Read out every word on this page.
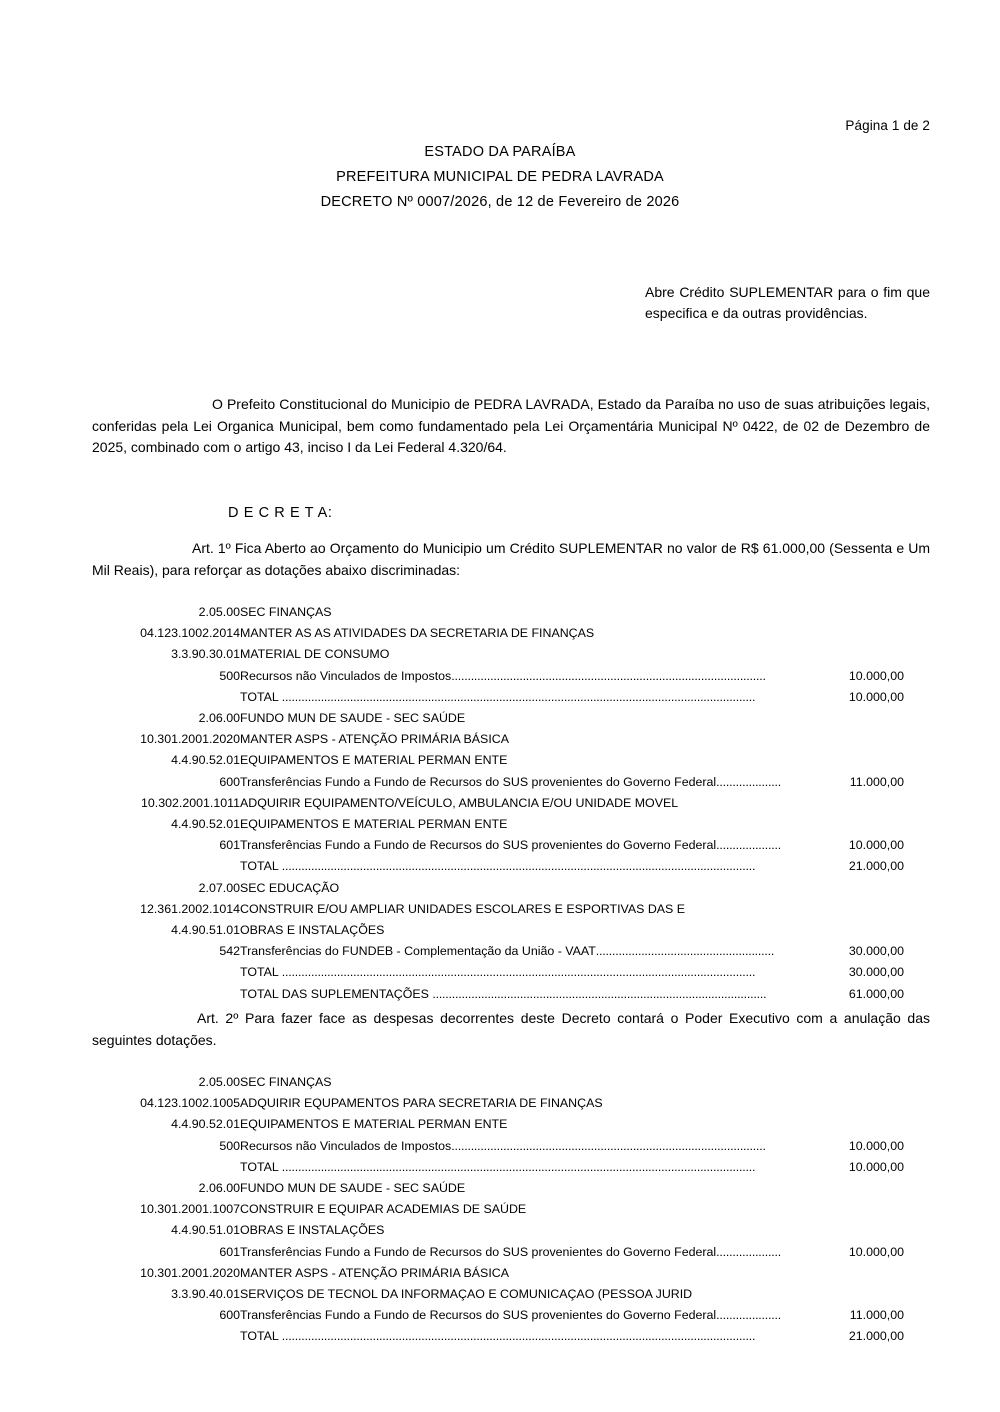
Página 1 de 2
ESTADO DA PARAÍBA
PREFEITURA MUNICIPAL DE PEDRA LAVRADA
DECRETO Nº 0007/2026, de 12 de Fevereiro de 2026
Abre Crédito SUPLEMENTAR para o fim que especifica e da outras providências.
O Prefeito Constitucional do Municipio de PEDRA LAVRADA, Estado da Paraíba no uso de suas atribuições legais, conferidas pela Lei Organica Municipal, bem como fundamentado pela Lei Orçamentária Municipal Nº 0422, de 02 de Dezembro de 2025, combinado com o artigo 43, inciso I da Lei Federal 4.320/64.
D E C R E T A:
Art. 1º Fica Aberto ao Orçamento do Municipio um Crédito SUPLEMENTAR no valor de R$ 61.000,00 (Sessenta e Um Mil Reais), para reforçar as dotações abaixo discriminadas:
2.05.00	SEC FINANÇAS	
04.123.1002.2014	MANTER AS AS ATIVIDADES DA SECRETARIA DE FINANÇAS	
3.3.90.30.01	MATERIAL DE CONSUMO	
500	Recursos não Vinculados de Impostos.................................................................................................	10.000,00
	TOTAL ..................................................................................................................................................	10.000,00
2.06.00	FUNDO MUN DE SAUDE - SEC SAÚDE	
10.301.2001.2020	MANTER ASPS - ATENÇÃO PRIMÁRIA BÁSICA	
4.4.90.52.01	EQUIPAMENTOS E MATERIAL PERMAN ENTE	
600	Transferências Fundo a Fundo de Recursos do SUS provenientes do Governo Federal....................	11.000,00
10.302.2001.1011	ADQUIRIR EQUIPAMENTO/VEÍCULO, AMBULANCIA E/OU UNIDADE MOVEL	
4.4.90.52.01	EQUIPAMENTOS E MATERIAL PERMAN ENTE	
601	Transferências Fundo a Fundo de Recursos do SUS provenientes do Governo Federal....................	10.000,00
	TOTAL ..................................................................................................................................................	21.000,00
2.07.00	SEC EDUCAÇÃO	
12.361.2002.1014	CONSTRUIR E/OU AMPLIAR UNIDADES ESCOLARES E ESPORTIVAS DAS E	
4.4.90.51.01	OBRAS E INSTALAÇÕES	
542	Transferências do FUNDEB - Complementação da União - VAAT.......................................................	30.000,00
	TOTAL ..................................................................................................................................................	30.000,00

	TOTAL DAS SUPLEMENTAÇÕES .......................................................................................................	61.000,00
Art. 2º Para fazer face as despesas decorrentes deste Decreto contará o Poder Executivo com a anulação das seguintes dotações.
2.05.00	SEC FINANÇAS	
04.123.1002.1005	ADQUIRIR EQUPAMENTOS PARA SECRETARIA DE FINANÇAS	
4.4.90.52.01	EQUIPAMENTOS E MATERIAL PERMAN ENTE	
500	Recursos não Vinculados de Impostos.................................................................................................	10.000,00
	TOTAL ..................................................................................................................................................	10.000,00
2.06.00	FUNDO MUN DE SAUDE - SEC SAÚDE	
10.301.2001.1007	CONSTRUIR E EQUIPAR ACADEMIAS DE SAÚDE	
4.4.90.51.01	OBRAS E INSTALAÇÕES	
601	Transferências Fundo a Fundo de Recursos do SUS provenientes do Governo Federal....................	10.000,00
10.301.2001.2020	MANTER ASPS - ATENÇÃO PRIMÁRIA BÁSICA	
3.3.90.40.01	SERVIÇOS DE TECNOL DA INFORMAÇAO E COMUNICAÇAO (PESSOA JURID	
600	Transferências Fundo a Fundo de Recursos do SUS provenientes do Governo Federal....................	11.000,00
	TOTAL ..................................................................................................................................................	21.000,00
